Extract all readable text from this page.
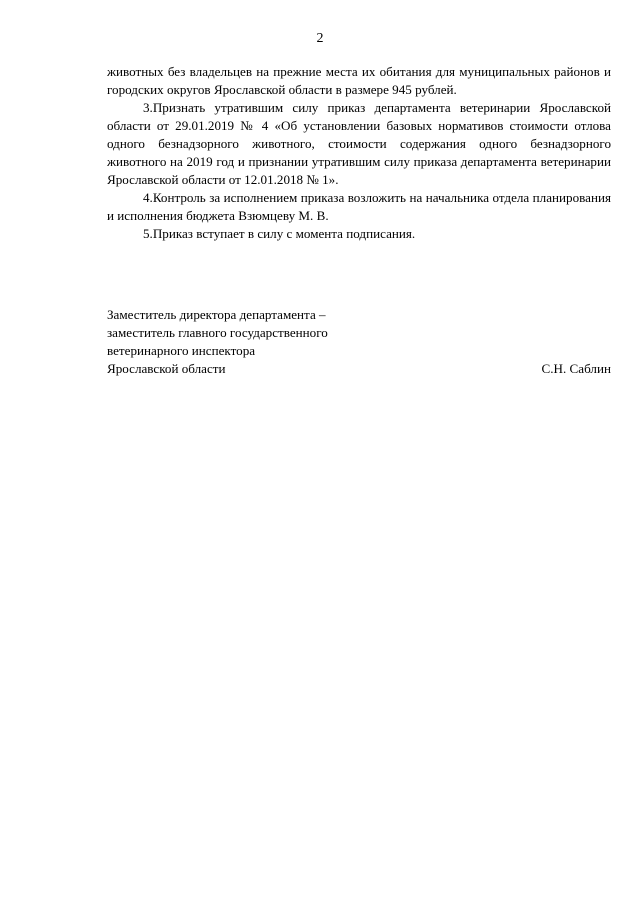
2

животных без владельцев на прежние места их обитания для муниципальных районов и городских округов Ярославской области в размере 945 рублей.

3.Признать утратившим силу приказ департамента ветеринарии Ярославской области от 29.01.2019 № 4 «Об установлении базовых нормативов стоимости отлова одного безнадзорного животного, стоимости содержания одного безнадзорного животного на 2019 год и признании утратившим силу приказа департамента ветеринарии Ярославской области от 12.01.2018 № 1».

4.Контроль за исполнением приказа возложить на начальника отдела планирования и исполнения бюджета Взюмцеву М. В.

5.Приказ вступает в силу с момента подписания.

Заместитель директора департамента –
заместитель главного государственного
ветеринарного инспектора
Ярославской области	С.Н. Саблин
